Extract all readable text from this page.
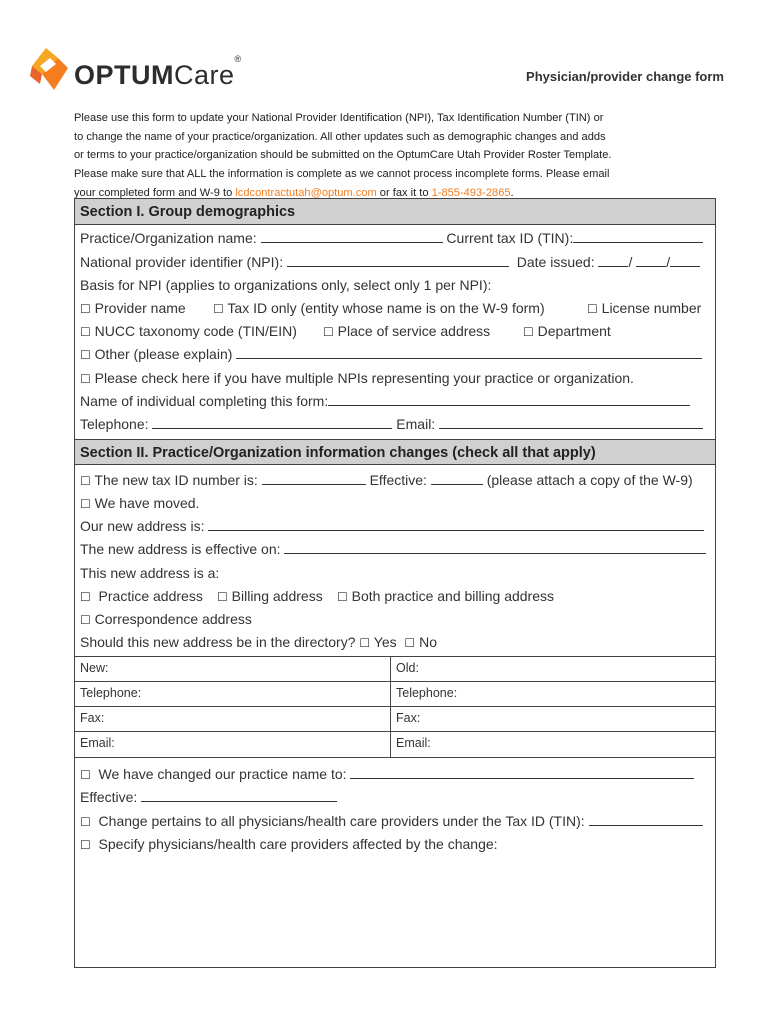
OPTUMCare®
Physician/provider change form

Please use this form to update your National Provider Identification (NPI), Tax Identification Number (TIN) or

to change the name of your practice/organization. All other updates such as demographic changes and adds

or terms to your practice/organization should be submitted on the OptumCare Utah Provider Roster Template.

Please make sure that ALL the information is complete as we cannot process incomplete forms. Please email

your completed form and W-9 to lcdcontractutah@optum.com or fax it to 1-855-493-2865.

Section I. Group demographics
Practice/Organization name:	Current tax ID (TIN):
National provider identifier (NPI):	Date issued: / /
Basis for NPI (applies to organizations only, select only 1 per NPI):
☐ Provider name ☐ Tax ID only (entity whose name is on the W-9 form)	☐ License number
☐ NUCC taxonomy code (TIN/EIN) ☐ Place of service address	☐ Department
☐ Other (please explain)
☐ Please check here if you have multiple NPIs representing your practice or organization.
Name of individual completing this form:
Telephone:	Email:
Section II. Practice/Organization information changes (check all that apply)
☐ The new tax ID number is:	Effective:	(please attach a copy of the W-9)
☐ We have moved.
Our new address is:
The new address is effective on:
This new address is a:
☐ Practice address ☐ Billing address ☐ Both practice and billing address
☐ Correspondence address
Should this new address be in the directory? ☐ Yes ☐ No
New:	Old:
Telephone:	Telephone:
Fax:	Fax:
Email:	Email:
☐ We have changed our practice name to:
Effective:
☐ Change pertains to all physicians/health care providers under the Tax ID (TIN):
☐ Specify physicians/health care providers affected by the change:
